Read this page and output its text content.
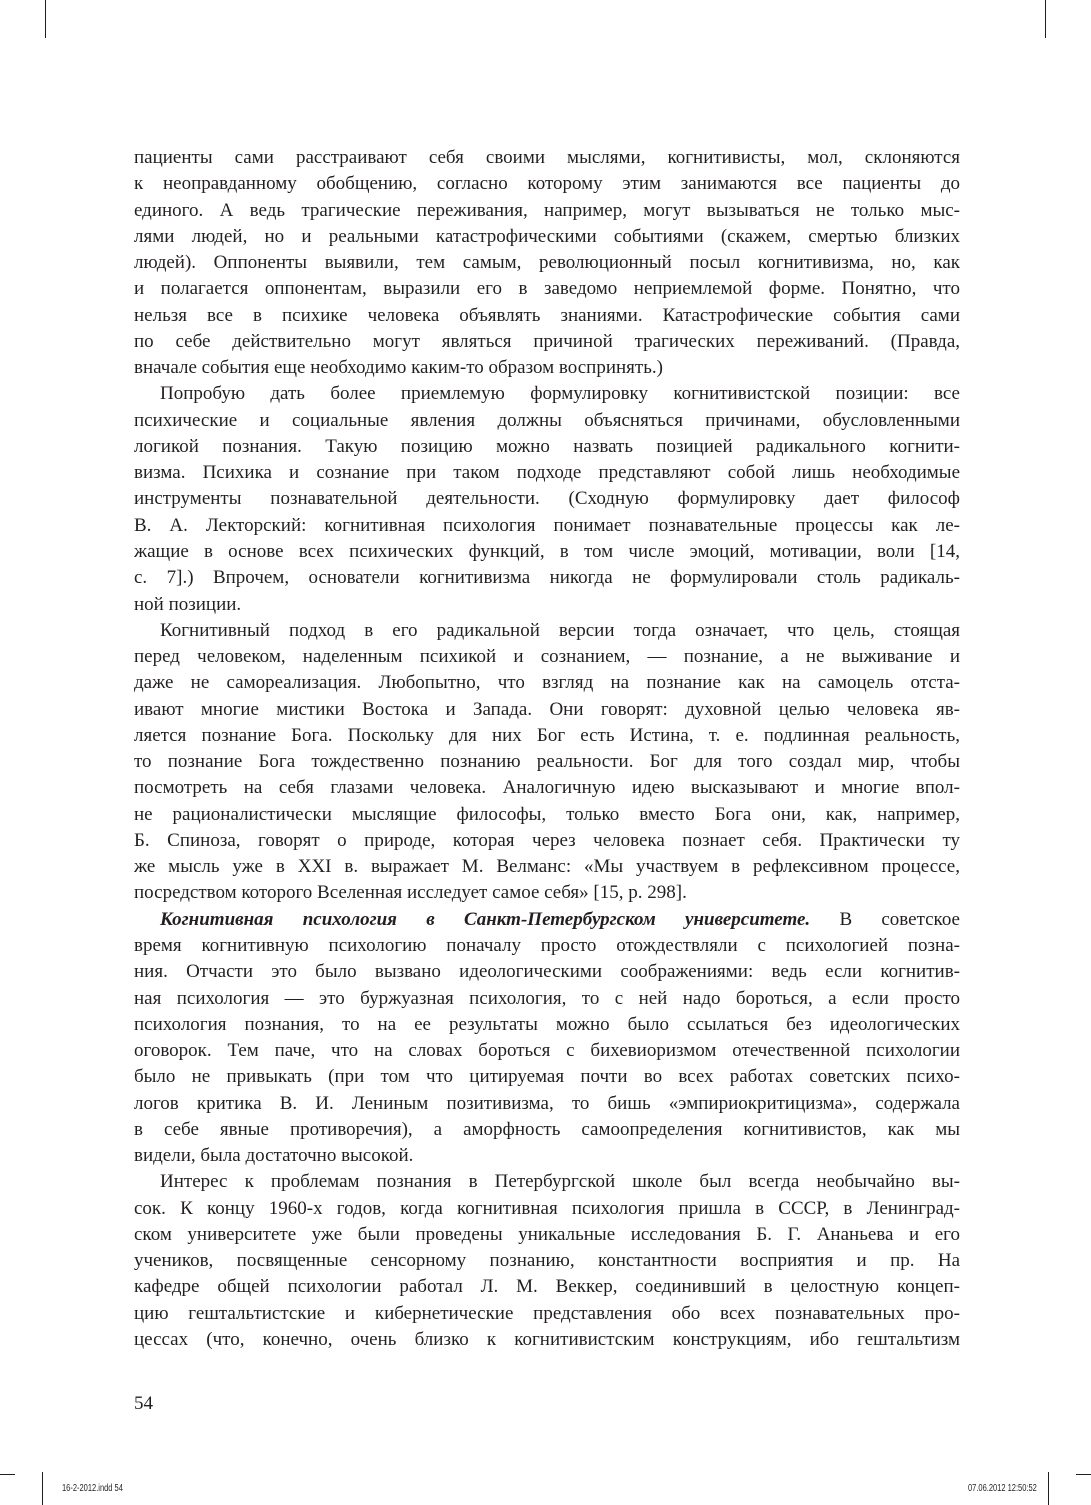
пациенты сами расстраивают себя своими мыслями, когнитивисты, мол, склоняются
к неоправданному обобщению, согласно которому этим занимаются все пациенты до
единого. А ведь трагические переживания, например, могут вызываться не только мыс-
лями людей, но и реальными катастрофическими событиями (скажем, смертью близких
людей). Оппоненты выявили, тем самым, революционный посыл когнитивизма, но, как
и полагается оппонентам, выразили его в заведомо неприемлемой форме. Понятно, что
нельзя все в психике человека объявлять знаниями. Катастрофические события сами
по себе действительно могут являться причиной трагических переживаний. (Правда,
вначале события еще необходимо каким-то образом воспринять.)
Попробую дать более приемлемую формулировку когнитивистской позиции: все
психические и социальные явления должны объясняться причинами, обусловленными
логикой познания. Такую позицию можно назвать позицией радикального когнити-
визма. Психика и сознание при таком подходе представляют собой лишь необходимые
инструменты познавательной деятельности. (Сходную формулировку дает философ
В. А. Лекторский: когнитивная психология понимает познавательные процессы как ле-
жащие в основе всех психических функций, в том числе эмоций, мотивации, воли [14,
с. 7].) Впрочем, основатели когнитивизма никогда не формулировали столь радикаль-
ной позиции.
Когнитивный подход в его радикальной версии тогда означает, что цель, стоящая
перед человеком, наделенным психикой и сознанием, — познание, а не выживание и
даже не самореализация. Любопытно, что взгляд на познание как на самоцель отста-
ивают многие мистики Востока и Запада. Они говорят: духовной целью человека яв-
ляется познание Бога. Поскольку для них Бог есть Истина, т. е. подлинная реальность,
то познание Бога тождественно познанию реальности. Бог для того создал мир, чтобы
посмотреть на себя глазами человека. Аналогичную идею высказывают и многие впол-
не рационалистически мыслящие философы, только вместо Бога они, как, например,
Б. Спиноза, говорят о природе, которая через человека познает себя. Практически ту
же мысль уже в XXI в. выражает М. Велманс: «Мы участвуем в рефлексивном процессе,
посредством которого Вселенная исследует самое себя» [15, p. 298].
Когнитивная психология в Санкт-Петербургском университете. В советское
время когнитивную психологию поначалу просто отождествляли с психологией позна-
ния. Отчасти это было вызвано идеологическими соображениями: ведь если когнитив-
ная психология — это буржуазная психология, то с ней надо бороться, а если просто
психология познания, то на ее результаты можно было ссылаться без идеологических
оговорок. Тем паче, что на словах бороться с бихевиоризмом отечественной психологии
было не привыкать (при том что цитируемая почти во всех работах советских психо-
логов критика В. И. Лениным позитивизма, то бишь «эмпириокритицизма», содержала
в себе явные противоречия), а аморфность самоопределения когнитивистов, как мы
видели, была достаточно высокой.
Интерес к проблемам познания в Петербургской школе был всегда необычайно вы-
сок. К концу 1960-х годов, когда когнитивная психология пришла в СССР, в Ленинград-
ском университете уже были проведены уникальные исследования Б. Г. Ананьева и его
учеников, посвященные сенсорному познанию, константности восприятия и пр. На
кафедре общей психологии работал Л. М. Веккер, соединивший в целостную концеп-
цию гештальтистские и кибернетические представления обо всех познавательных про-
цессах (что, конечно, очень близко к когнитивистским конструкциям, ибо гештальтизм
54
16-2-2012.indd 54	07.06.2012 12:50:52
